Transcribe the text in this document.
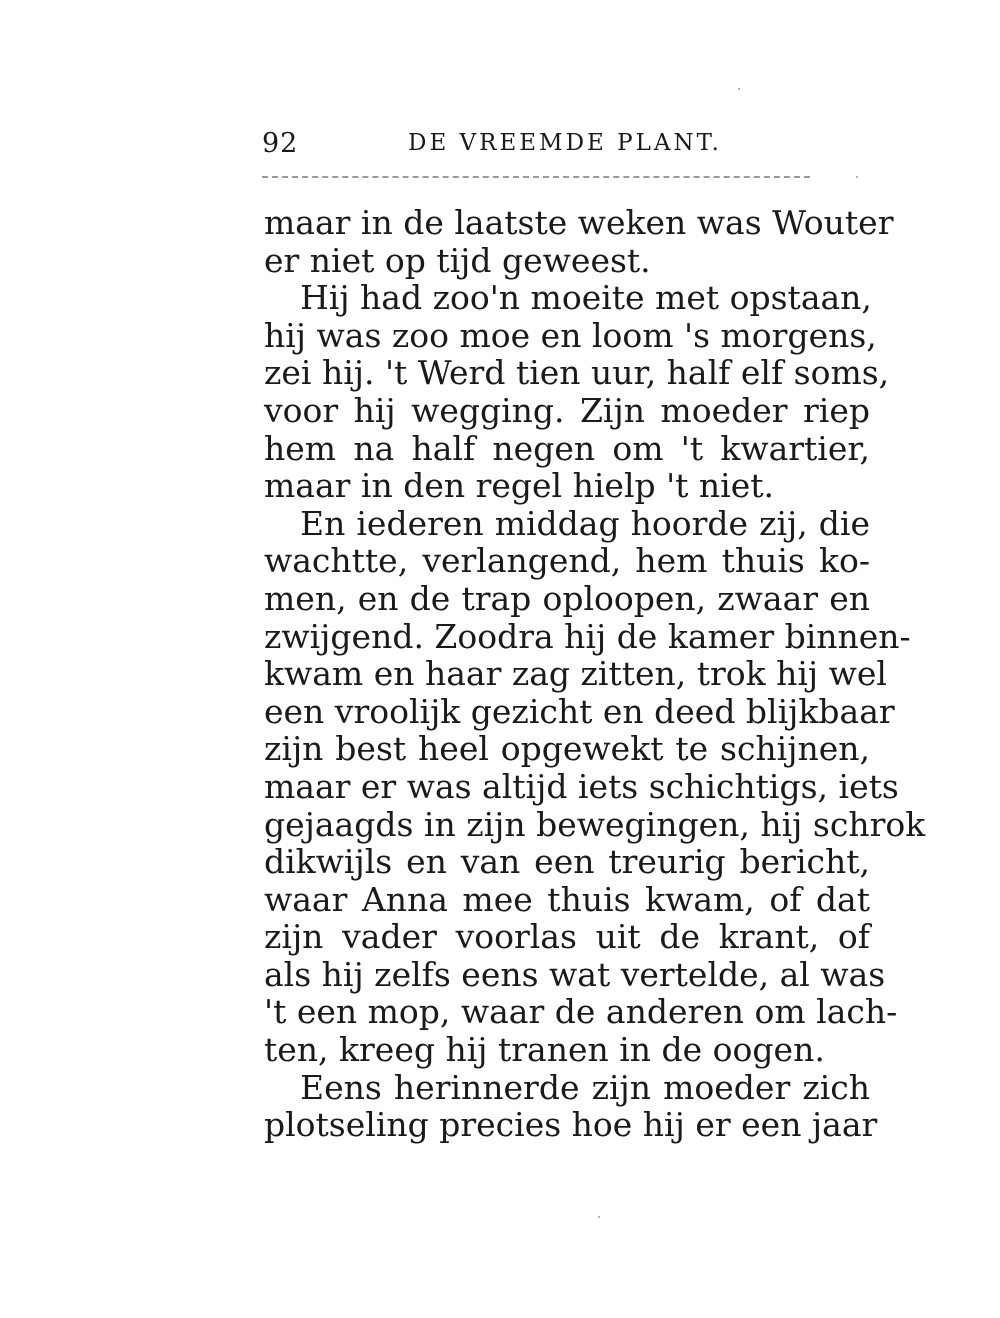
92	DE VREEMDE PLANT.
maar in de laatste weken was Wouter
er niet op tijd geweest.
Hij had zoo'n moeite met opstaan,
hij was zoo moe en loom 's morgens,
zei hij. 't Werd tien uur, half elf soms,
voor hij wegging. Zijn moeder riep
hem na half negen om 't kwartier,
maar in den regel hielp 't niet.
En iederen middag hoorde zij, die
wachtte, verlangend, hem thuis ko-
men, en de trap oploopen, zwaar en
zwijgend. Zoodra hij de kamer binnen-
kwam en haar zag zitten, trok hij wel
een vroolijk gezicht en deed blijkbaar
zijn best heel opgewekt te schijnen,
maar er was altijd iets schichtigs, iets
gejaagds in zijn bewegingen, hij schrok
dikwijls en van een treurig bericht,
waar Anna mee thuis kwam, of dat
zijn vader voorlas uit de krant, of
als hij zelfs eens wat vertelde, al was
't een mop, waar de anderen om lach-
ten, kreeg hij tranen in de oogen.
Eens herinnerde zijn moeder zich
plotseling precies hoe hij er een jaar
